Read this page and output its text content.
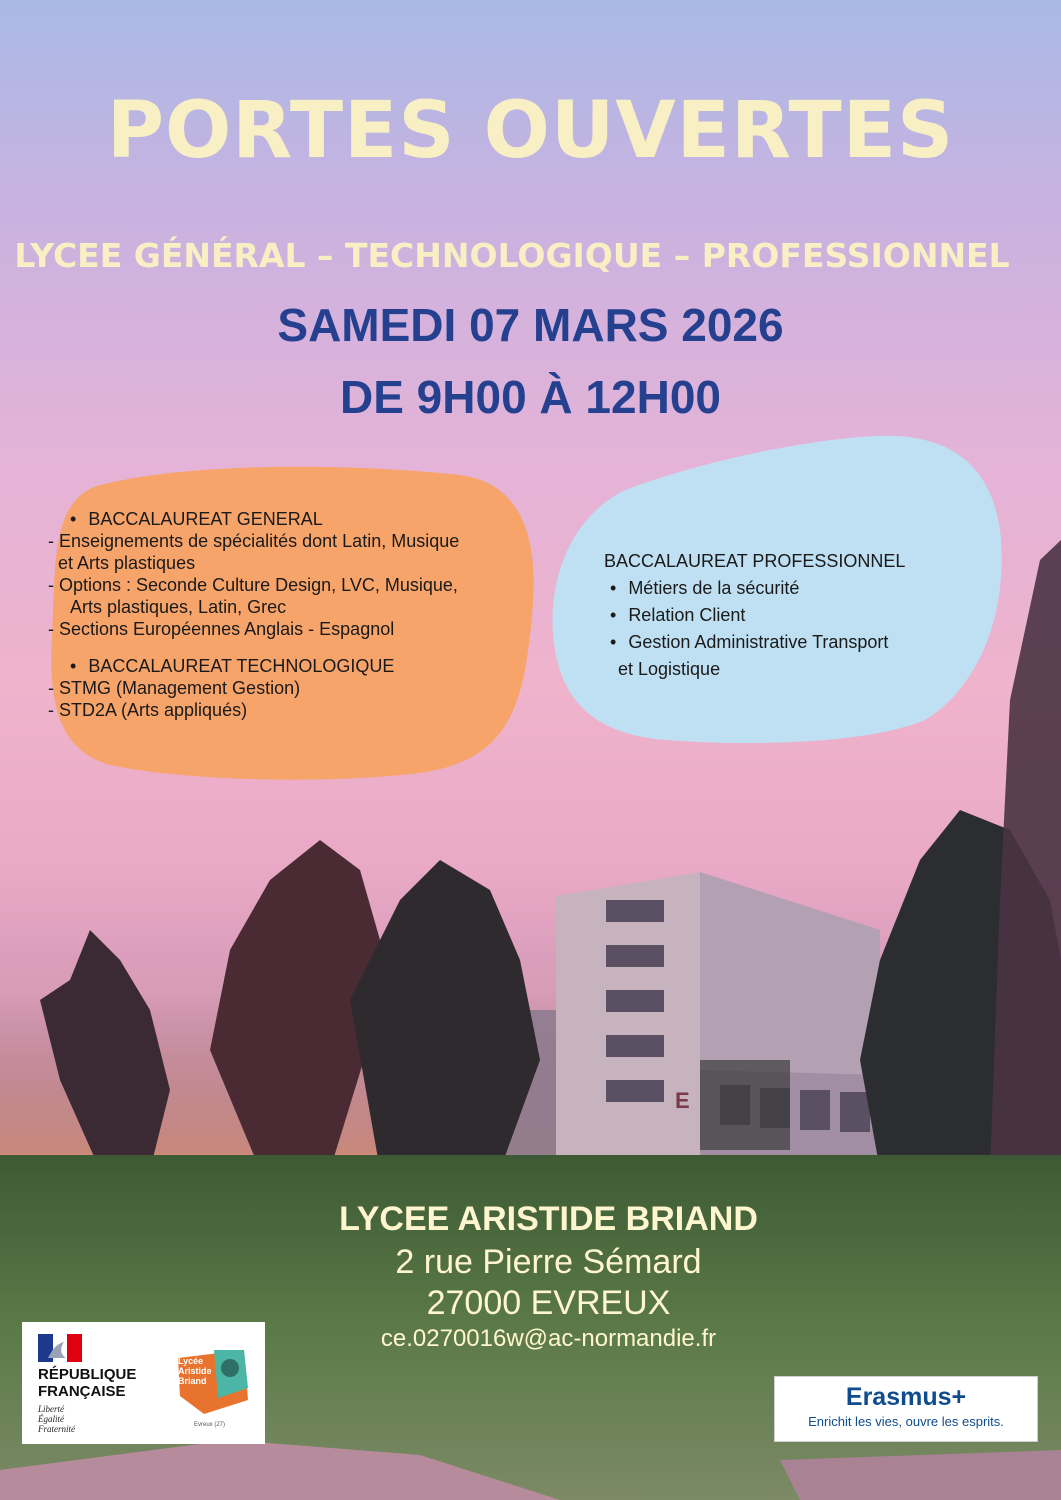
E
PORTES OUVERTES
LYCEE GÉNÉRAL – TECHNOLOGIQUE – PROFESSIONNEL
SAMEDI 07 MARS 2026
DE 9H00 À 12H00
• BACCALAUREAT GENERAL
- Enseignements de spécialités dont Latin, Musique
et Arts plastiques
- Options : Seconde Culture Design, LVC, Musique,
Arts plastiques, Latin, Grec
- Sections Européennes Anglais - Espagnol
• BACCALAUREAT TECHNOLOGIQUE
- STMG (Management Gestion)
- STD2A (Arts appliqués)
BACCALAUREAT PROFESSIONNEL
• Métiers de la sécurité
• Relation Client
• Gestion Administrative Transport
et Logistique
LYCEE ARISTIDE BRIAND
2 rue Pierre Sémard
27000 EVREUX
ce.0270016w@ac-normandie.fr
RÉPUBLIQUE
FRANÇAISE
Liberté
Égalité
Fraternité
Lycée
Aristide
Briand
Evreux (27)
Erasmus+
Enrichit les vies, ouvre les esprits.
